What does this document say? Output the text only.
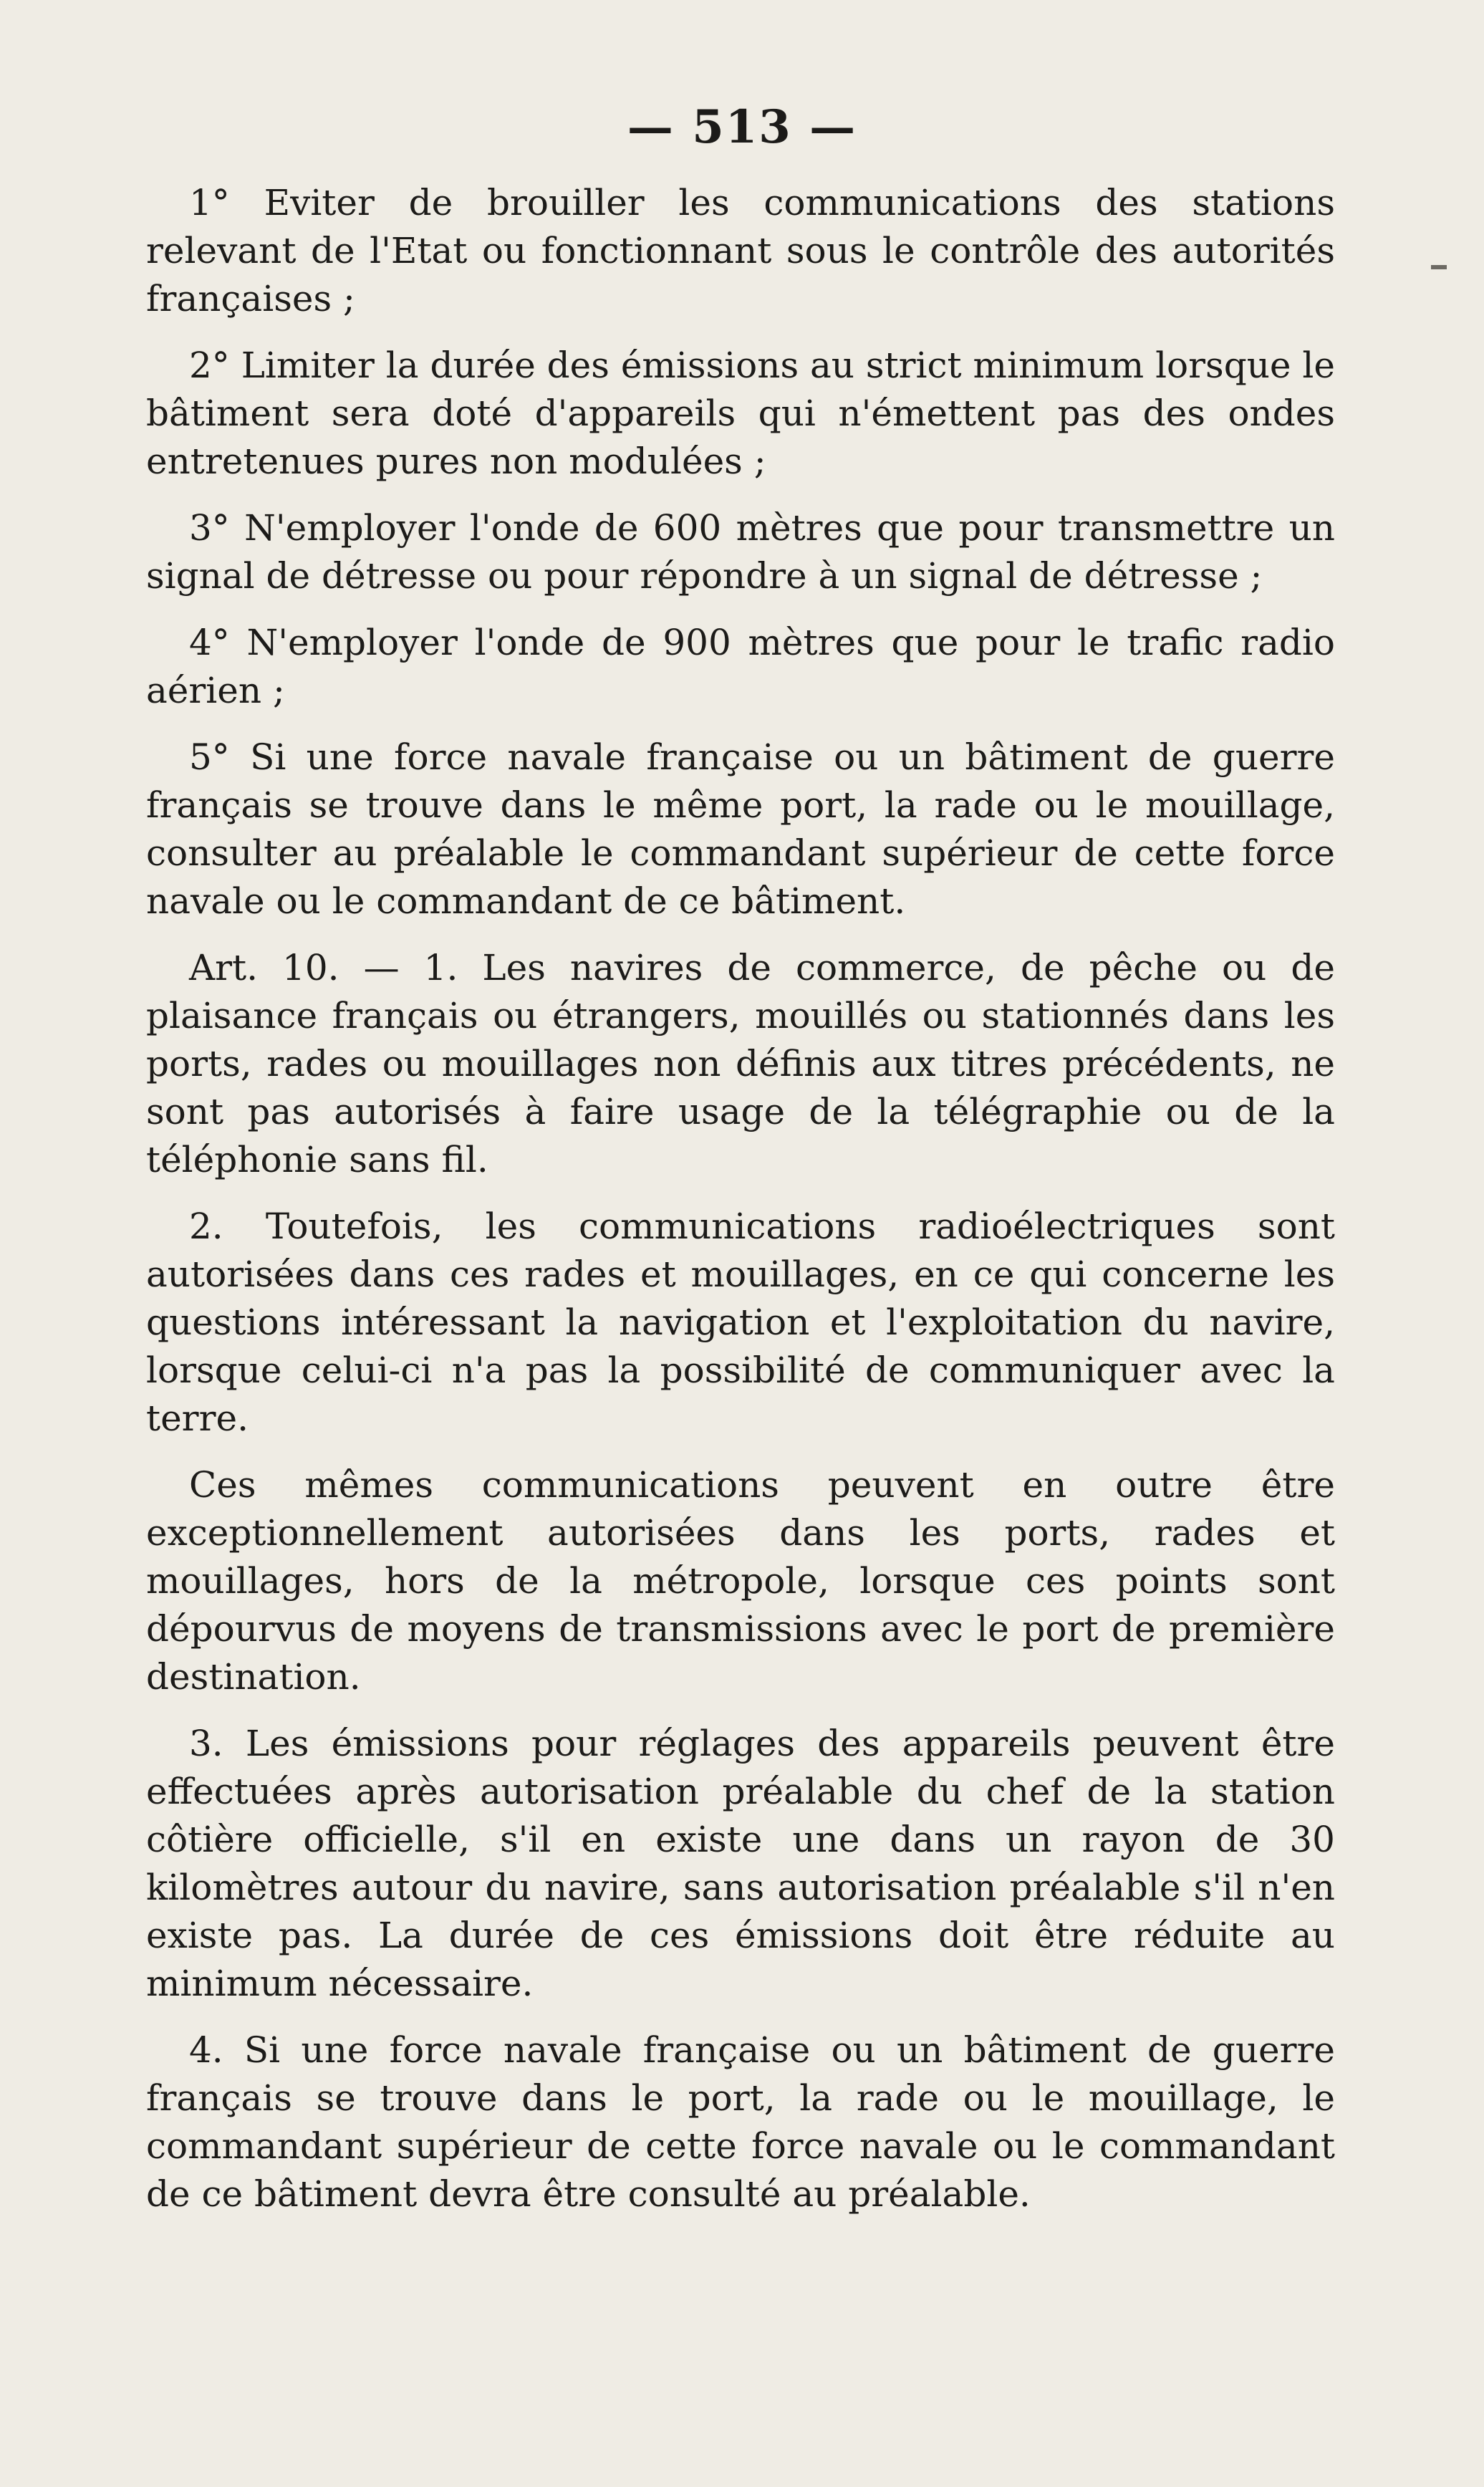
— 513 —

1° Eviter de brouiller les communications des stations relevant de l'Etat ou fonctionnant sous le contrôle des autorités françaises ;

2° Limiter la durée des émissions au strict minimum lorsque le bâtiment sera doté d'appareils qui n'émettent pas des ondes entretenues pures non modulées ;

3° N'employer l'onde de 600 mètres que pour transmettre un signal de détresse ou pour répondre à un signal de détresse ;

4° N'employer l'onde de 900 mètres que pour le trafic radio aérien ;

5° Si une force navale française ou un bâtiment de guerre français se trouve dans le même port, la rade ou le mouillage, consulter au préalable le commandant supérieur de cette force navale ou le commandant de ce bâtiment.

Art. 10. — 1. Les navires de commerce, de pêche ou de plaisance français ou étrangers, mouillés ou stationnés dans les ports, rades ou mouillages non définis aux titres précédents, ne sont pas autorisés à faire usage de la télégraphie ou de la téléphonie sans fil.

2. Toutefois, les communications radioélectriques sont autorisées dans ces rades et mouillages, en ce qui concerne les questions intéressant la navigation et l'exploitation du navire, lorsque celui-ci n'a pas la possibilité de communiquer avec la terre.

Ces mêmes communications peuvent en outre être exceptionnellement autorisées dans les ports, rades et mouillages, hors de la métropole, lorsque ces points sont dépourvus de moyens de transmissions avec le port de première destination.

3. Les émissions pour réglages des appareils peuvent être effectuées après autorisation préalable du chef de la station côtière officielle, s'il en existe une dans un rayon de 30 kilomètres autour du navire, sans autorisation préalable s'il n'en existe pas. La durée de ces émissions doit être réduite au minimum nécessaire.

4. Si une force navale française ou un bâtiment de guerre français se trouve dans le port, la rade ou le mouillage, le commandant supérieur de cette force navale ou le commandant de ce bâtiment devra être consulté au préalable.
